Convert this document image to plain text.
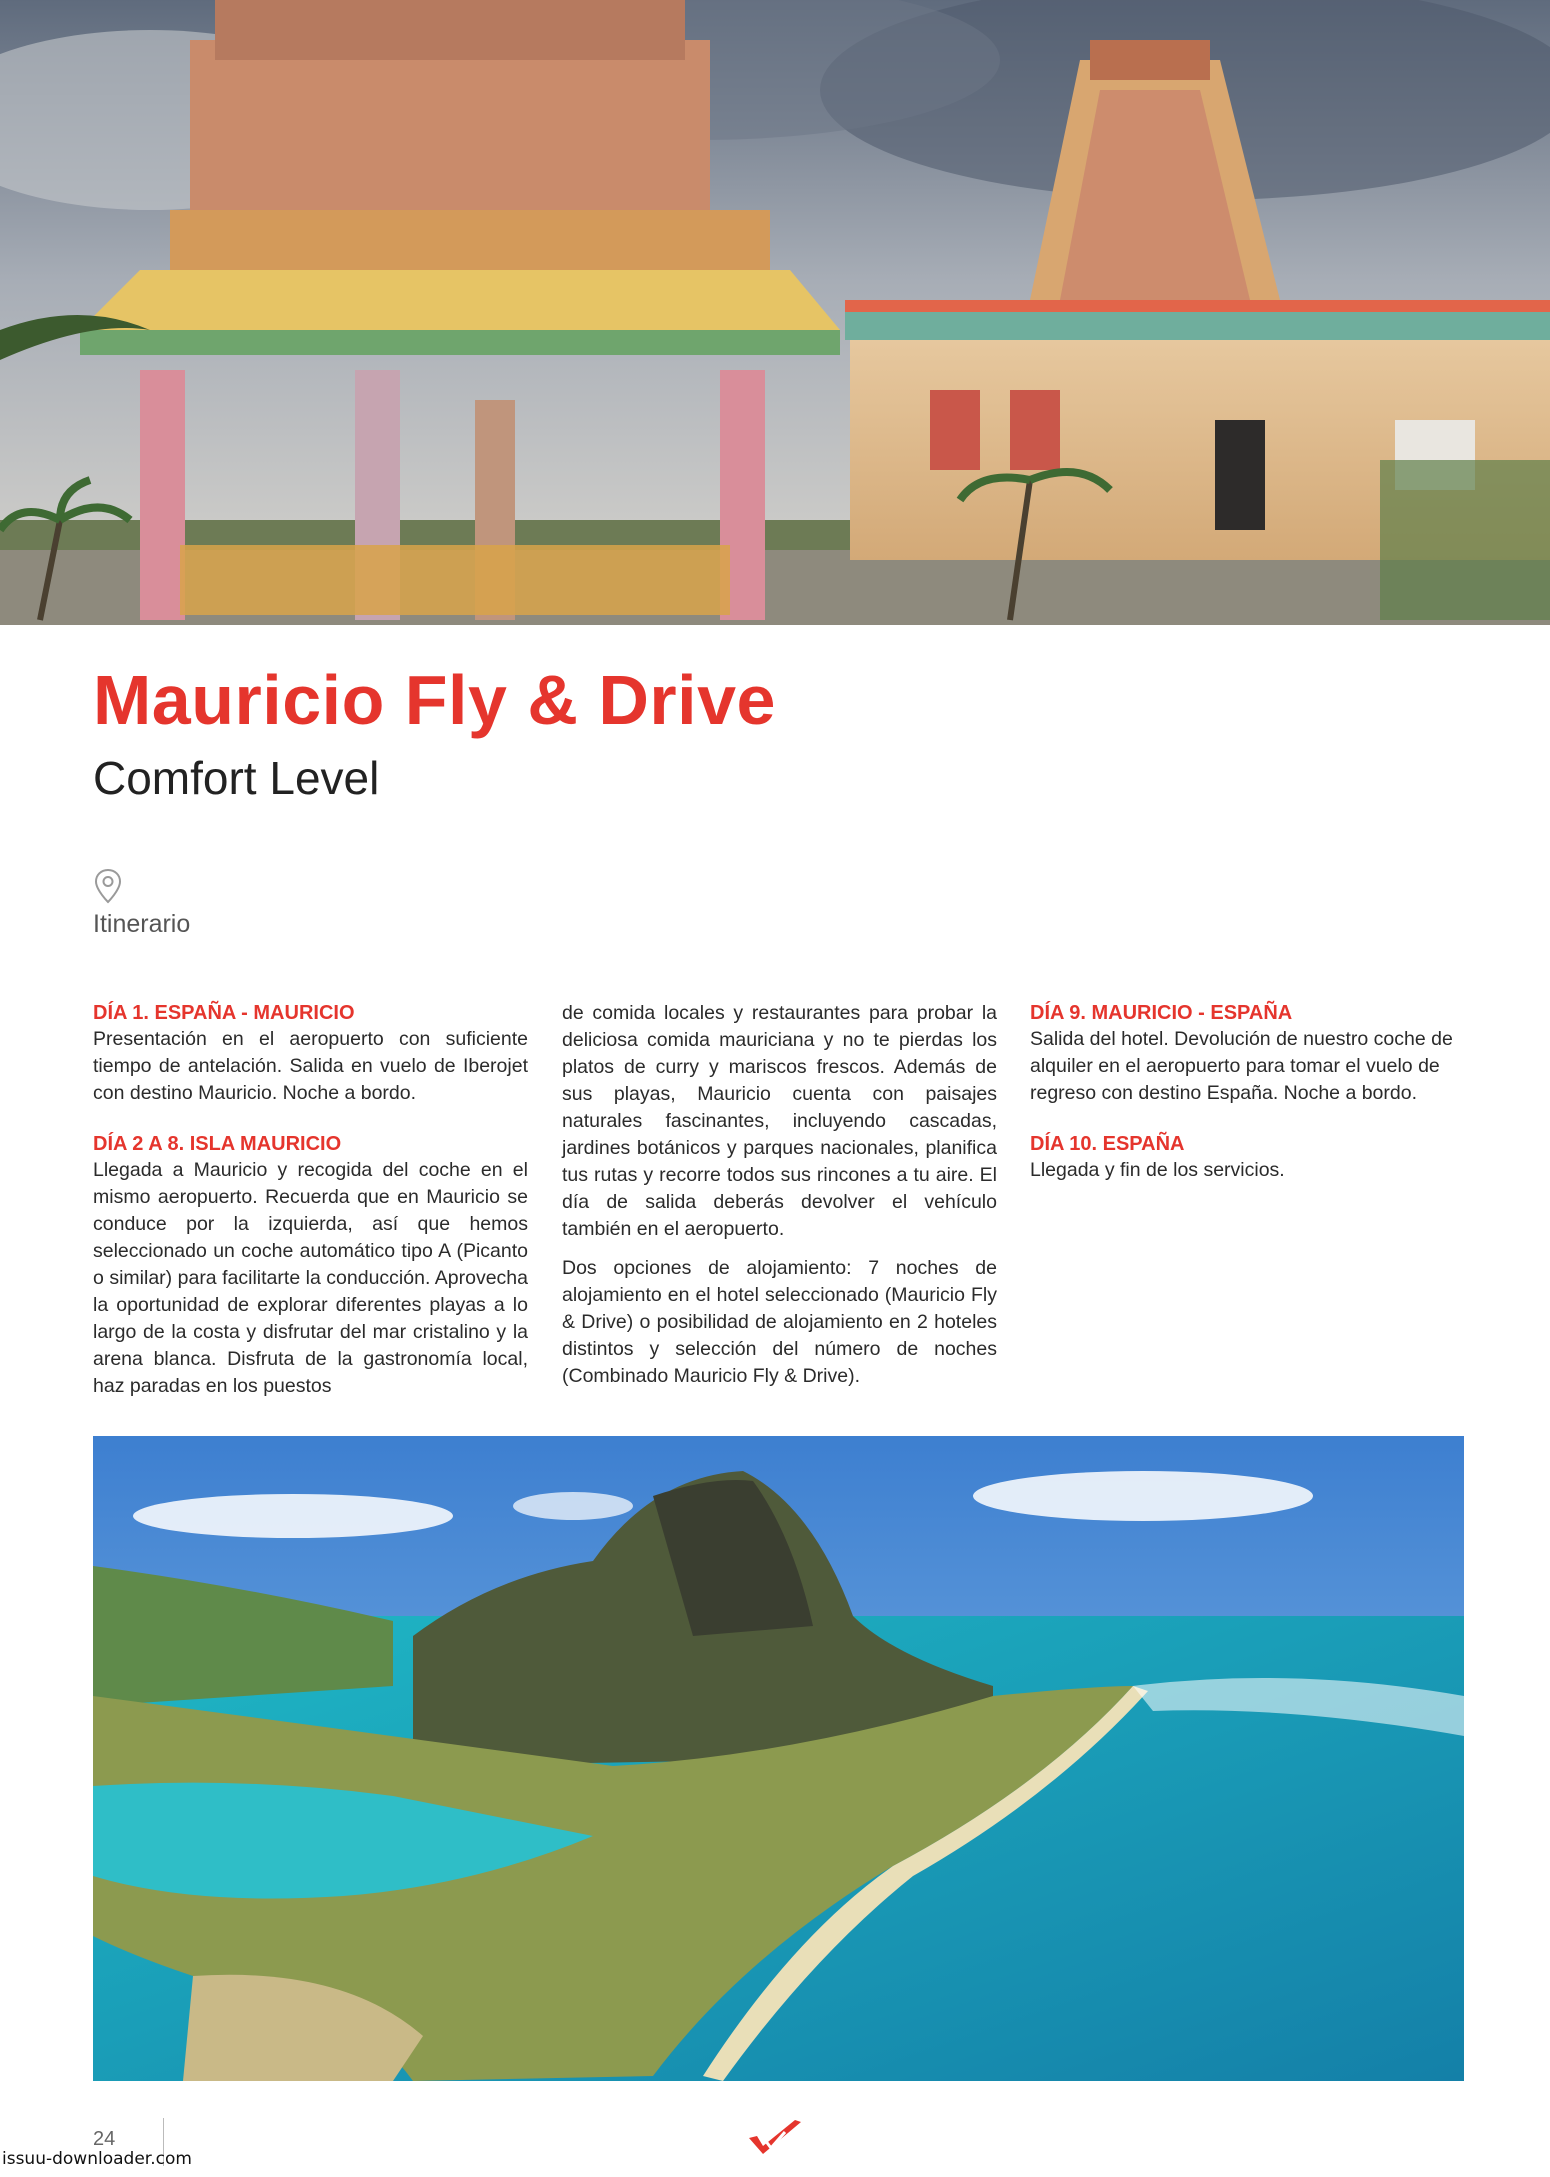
Mauricio Fly & Drive
Comfort Level
Itinerario
DÍA 1. ESPAÑA - MAURICIO

Presentación en el aeropuerto con suficiente tiempo de antelación. Salida en vuelo de Iberojet con destino Mauricio. Noche a bordo.

DÍA 2 A 8. ISLA MAURICIO

Llegada a Mauricio y recogida del coche en el mismo aeropuerto. Recuerda que en Mauricio se conduce por la izquierda, así que hemos seleccionado un coche automático tipo A (Picanto o similar) para facilitarte la conducción. Aprovecha la oportunidad de explorar diferentes playas a lo largo de la costa y disfrutar del mar cristalino y la arena blanca. Disfruta de la gastronomía local, haz paradas en los puestos

de comida locales y restaurantes para probar la deliciosa comida mauriciana y no te pierdas los platos de curry y mariscos frescos. Además de sus playas, Mauricio cuenta con paisajes naturales fascinantes, incluyendo cascadas, jardines botánicos y parques nacionales, planifica tus rutas y recorre todos sus rincones a tu aire. El día de salida deberás devolver el vehículo también en el aeropuerto.

Dos opciones de alojamiento: 7 noches de alojamiento en el hotel seleccionado (Mauricio Fly & Drive) o posibilidad de alojamiento en 2 hoteles distintos y selección del número de noches (Combinado Mauricio Fly & Drive).

DÍA 9. MAURICIO - ESPAÑA

Salida del hotel. Devolución de nuestro coche de alquiler en el aeropuerto para tomar el vuelo de regreso con destino España. Noche a bordo.

DÍA 10. ESPAÑA

Llegada y fin de los servicios.

24
issuu-downloader.com
